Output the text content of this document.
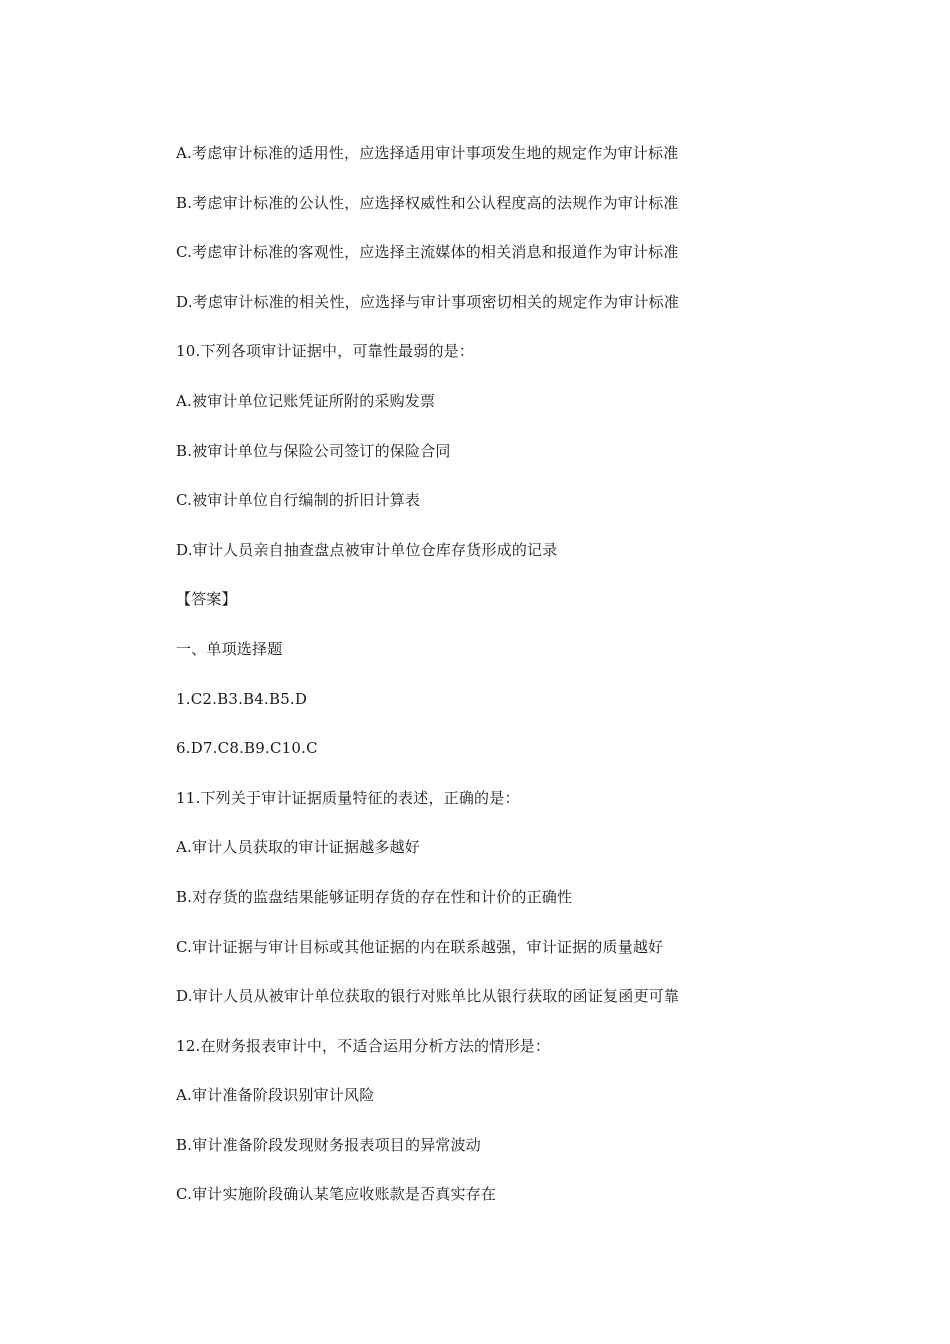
A.考虑审计标准的适用性，应选择适用审计事项发生地的规定作为审计标准
B.考虑审计标准的公认性，应选择权威性和公认程度高的法规作为审计标准
C.考虑审计标准的客观性，应选择主流媒体的相关消息和报道作为审计标准
D.考虑审计标准的相关性，应选择与审计事项密切相关的规定作为审计标准
10.下列各项审计证据中，可靠性最弱的是：
A.被审计单位记账凭证所附的采购发票
B.被审计单位与保险公司签订的保险合同
C.被审计单位自行编制的折旧计算表
D.审计人员亲自抽查盘点被审计单位仓库存货形成的记录
【答案】
一、单项选择题
1.C2.B3.B4.B5.D
6.D7.C8.B9.C10.C
11.下列关于审计证据质量特征的表述，正确的是：
A.审计人员获取的审计证据越多越好
B.对存货的监盘结果能够证明存货的存在性和计价的正确性
C.审计证据与审计目标或其他证据的内在联系越强，审计证据的质量越好
D.审计人员从被审计单位获取的银行对账单比从银行获取的函证复函更可靠
12.在财务报表审计中，不适合运用分析方法的情形是：
A.审计准备阶段识别审计风险
B.审计准备阶段发现财务报表项目的异常波动
C.审计实施阶段确认某笔应收账款是否真实存在
